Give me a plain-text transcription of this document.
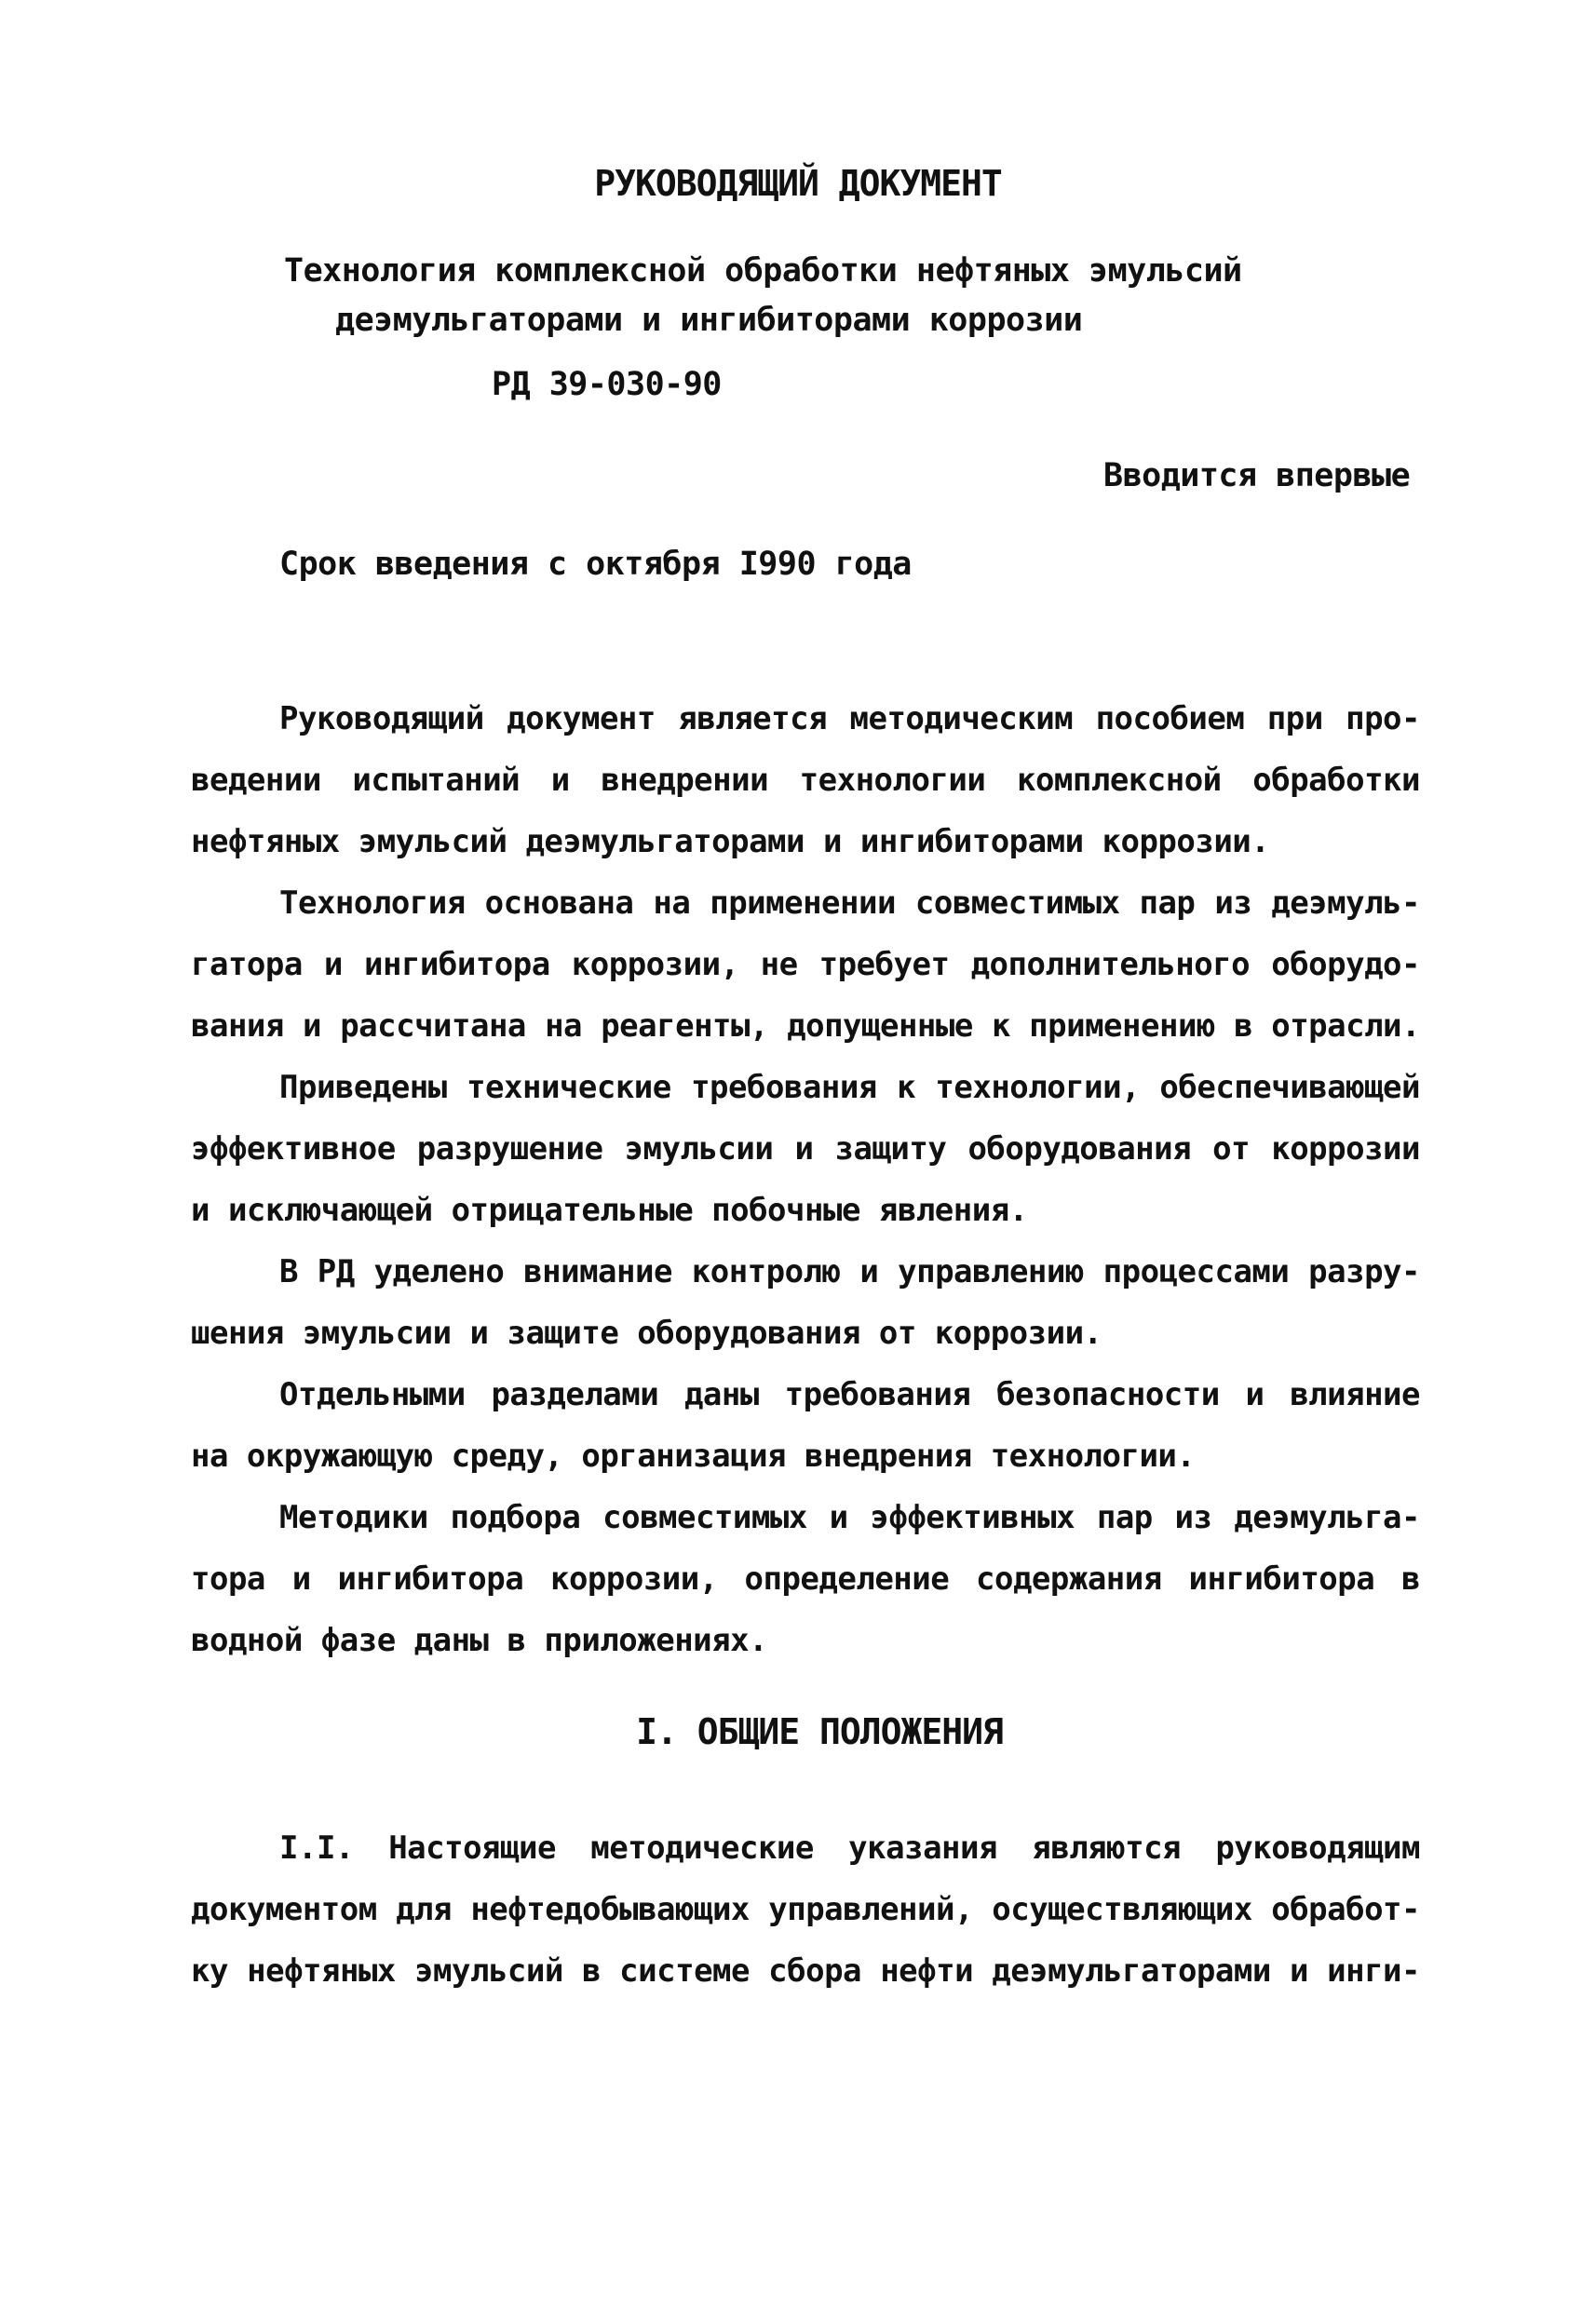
РУКОВОДЯЩИЙ ДОКУМЕНТ
Технология комплексной обработки нефтяных эмульсий
деэмульгаторами и ингибиторами коррозии
РД 39-030-90
Вводится впервые
Срок введения с октября I990 года
Руководящий документ является методическим пособием при про-
ведении испытаний и внедрении технологии комплексной обработки
нефтяных эмульсий деэмульгаторами и ингибиторами коррозии.
Технология основана на применении совместимых пар из деэмуль-
гатора и ингибитора коррозии, не требует дополнительного оборудо-
вания и рассчитана на реагенты, допущенные к применению в отрасли.
Приведены технические требования к технологии, обеспечивающей
эффективное разрушение эмульсии и защиту оборудования от коррозии
и исключающей отрицательные побочные явления.
В РД уделено внимание контролю и управлению процессами разру-
шения эмульсии и защите оборудования от коррозии.
Отдельными разделами даны требования безопасности и влияние
на окружающую среду, организация внедрения технологии.
Методики подбора совместимых и эффективных пар из деэмульга-
тора и ингибитора коррозии, определение содержания ингибитора в
водной фазе даны в приложениях.
I. ОБЩИЕ ПОЛОЖЕНИЯ
I.I. Настоящие методические указания являются руководящим
документом для нефтедобывающих управлений, осуществляющих обработ-
ку нефтяных эмульсий в системе сбора нефти деэмульгаторами и инги-
